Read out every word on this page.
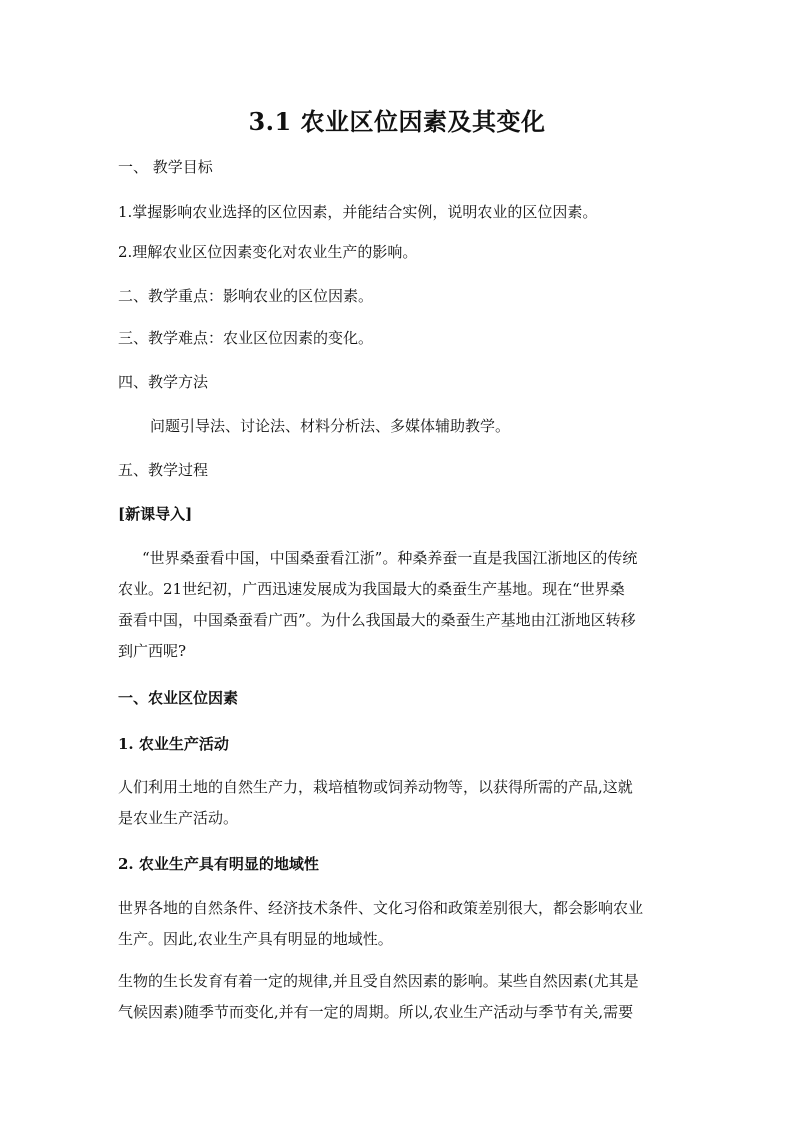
3.1 农业区位因素及其变化
一、 教学目标
1.掌握影响农业选择的区位因素，并能结合实例，说明农业的区位因素。
2.理解农业区位因素变化对农业生产的影响。
二、教学重点：影响农业的区位因素。
三、教学难点：农业区位因素的变化。
四、教学方法
问题引导法、讨论法、材料分析法、多媒体辅助教学。
五、教学过程
[新课导入]
“世界桑蚕看中国，中国桑蚕看江浙”。种桑养蚕一直是我国江浙地区的传统
农业。21世纪初，广西迅速发展成为我国最大的桑蚕生产基地。现在“世界桑
蚕看中国，中国桑蚕看广西”。为什么我国最大的桑蚕生产基地由江浙地区转移
到广西呢?
一、农业区位因素
1. 农业生产活动
人们利用土地的自然生产力，栽培植物或饲养动物等，以获得所需的产品,这就
是农业生产活动。
2. 农业生产具有明显的地域性
世界各地的自然条件、经济技术条件、文化习俗和政策差别很大，都会影响农业
生产。因此,农业生产具有明显的地域性。
生物的生长发育有着一定的规律,并且受自然因素的影响。某些自然因素(尤其是
气候因素)随季节而变化,并有一定的周期。所以,农业生产活动与季节有关,需要
